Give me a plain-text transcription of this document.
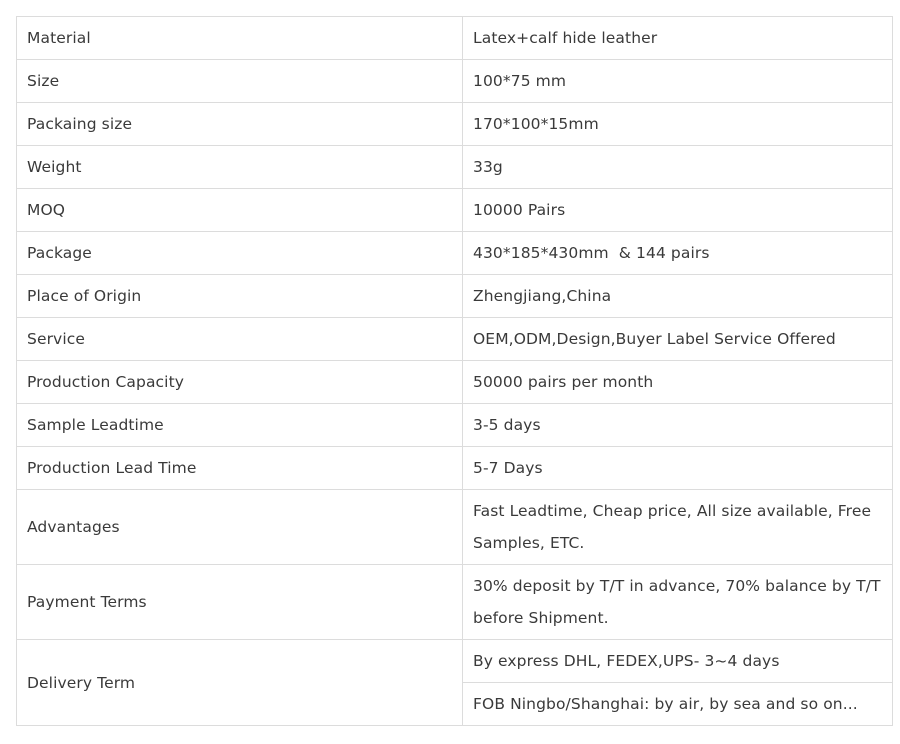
Material	Latex+calf hide leather
Size	100*75 mm
Packaing size	170*100*15mm
Weight	33g
MOQ	10000 Pairs
Package	430*185*430mm  & 144 pairs
Place of Origin	Zhengjiang,China
Service	OEM,ODM,Design,Buyer Label Service Offered
Production Capacity	50000 pairs per month
Sample Leadtime	3-5 days
Production Lead Time	5-7 Days
Advantages	Fast Leadtime, Cheap price, All size available, Free Samples, ETC.
Payment Terms	30% deposit by T/T in advance, 70% balance by T/T before Shipment.
Delivery Term	By express DHL, FEDEX,UPS- 3~4 days
	FOB Ningbo/Shanghai: by air, by sea and so on...
